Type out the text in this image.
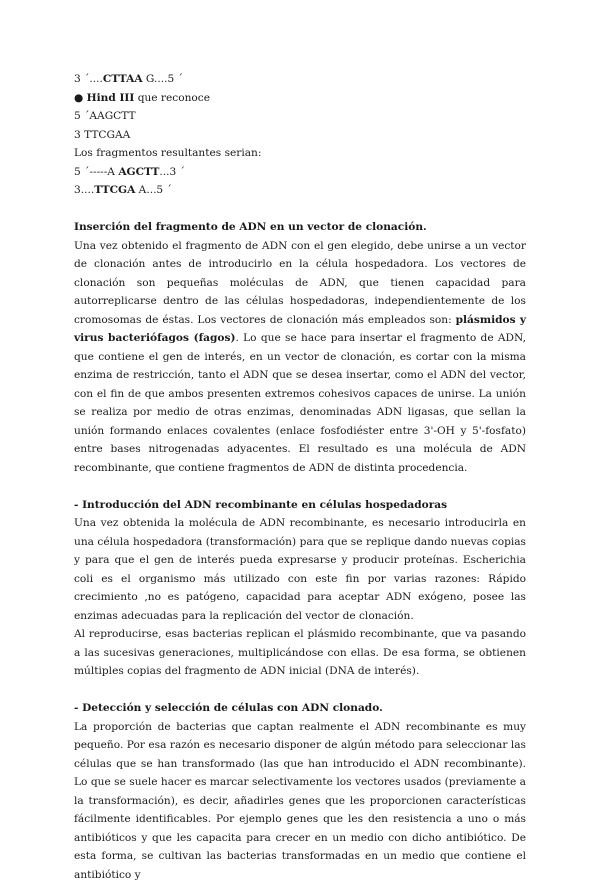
3 ´....CTTAA G....5 ´
● Hind III que reconoce
5 ´AAGCTT
3 TTCGAA
Los fragmentos resultantes serian:
5 ´-----A AGCTT...3 ´
3....TTCGA A...5 ´
Inserción del fragmento de ADN en un vector de clonación.
Una vez obtenido el fragmento de ADN con el gen elegido, debe unirse a un vector de clonación antes de introducirlo en la célula hospedadora. Los vectores de clonación son pequeñas moléculas de ADN, que tienen capacidad para autorreplicarse dentro de las células hospedadoras, independientemente de los cromosomas de éstas. Los vectores de clonación más empleados son: plásmidos y virus bacteriófagos (fagos). Lo que se hace para insertar el fragmento de ADN, que contiene el gen de interés, en un vector de clonación, es cortar con la misma enzima de restricción, tanto el ADN que se desea insertar, como el ADN del vector, con el fin de que ambos presenten extremos cohesivos capaces de unirse. La unión se realiza por medio de otras enzimas, denominadas ADN ligasas, que sellan la unión formando enlaces covalentes (enlace fosfodiéster entre 3'-OH y 5'-fosfato) entre bases nitrogenadas adyacentes. El resultado es una molécula de ADN recombinante, que contiene fragmentos de ADN de distinta procedencia.
- Introducción del ADN recombinante en células hospedadoras
Una vez obtenida la molécula de ADN recombinante, es necesario introducirla en una célula hospedadora (transformación) para que se replique dando nuevas copias y para que el gen de interés pueda expresarse y producir proteínas. Escherichia coli es el organismo más utilizado con este fin por varias razones: Rápido crecimiento ,no es patógeno, capacidad para aceptar ADN exógeno, posee las enzimas adecuadas para la replicación del vector de clonación.
Al reproducirse, esas bacterias replican el plásmido recombinante, que va pasando a las sucesivas generaciones, multiplicándose con ellas. De esa forma, se obtienen múltiples copias del fragmento de ADN inicial (DNA de interés).
- Detección y selección de células con ADN clonado.
La proporción de bacterias que captan realmente el ADN recombinante es muy pequeño. Por esa razón es necesario disponer de algún método para seleccionar las células que se han transformado (las que han introducido el ADN recombinante). Lo que se suele hacer es marcar selectivamente los vectores usados (previamente a la transformación), es decir, añadirles genes que les proporcionen características fácilmente identificables. Por ejemplo genes que les den resistencia a uno o más antibióticos y que les capacita para crecer en un medio con dicho antibiótico. De esta forma, se cultivan las bacterias transformadas en un medio que contiene el antibiótico y
